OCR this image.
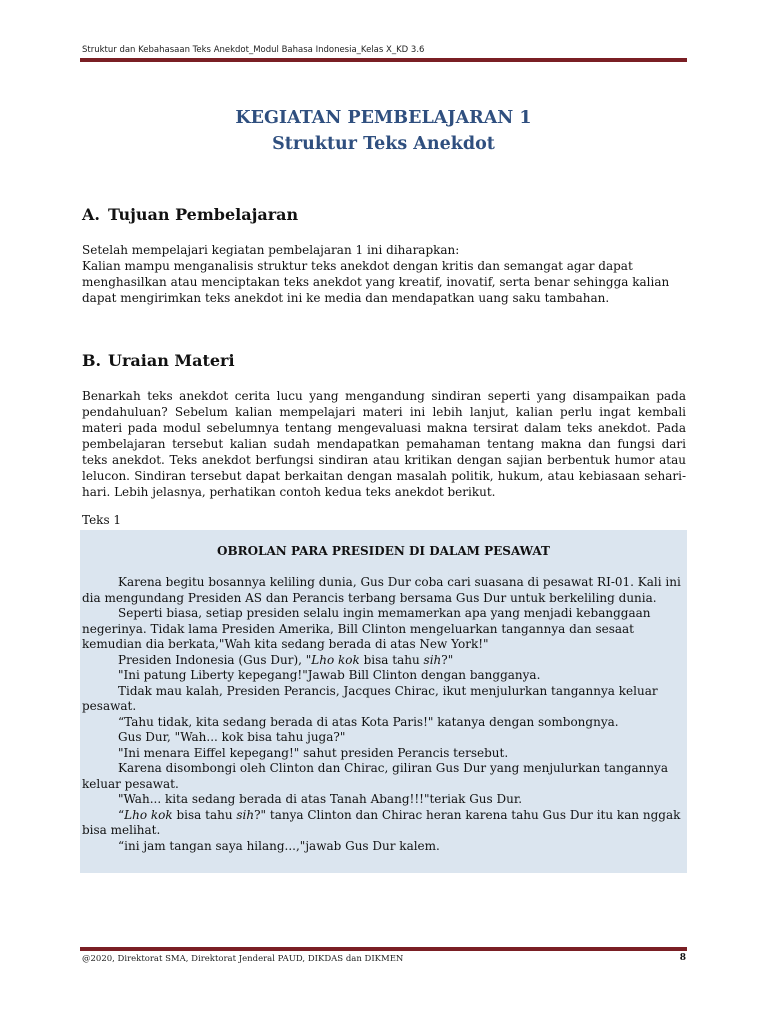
Struktur dan Kebahasaan Teks Anekdot_Modul Bahasa Indonesia_Kelas X_KD 3.6
KEGIATAN PEMBELAJARAN 1
Struktur Teks Anekdot
A. Tujuan Pembelajaran

Setelah mempelajari kegiatan pembelajaran 1 ini diharapkan:

Kalian mampu menganalisis struktur teks anekdot dengan kritis dan semangat agar dapat menghasilkan atau menciptakan teks anekdot yang kreatif, inovatif, serta benar sehingga kalian dapat mengirimkan teks anekdot ini ke media dan mendapatkan uang saku tambahan.

B. Uraian Materi

Benarkah teks anekdot cerita lucu yang mengandung sindiran seperti yang disampaikan pada pendahuluan? Sebelum kalian mempelajari materi ini lebih lanjut, kalian perlu ingat kembali materi pada modul sebelumnya tentang mengevaluasi makna tersirat dalam teks anekdot. Pada pembelajaran tersebut kalian sudah mendapatkan pemahaman tentang makna dan fungsi dari teks anekdot. Teks anekdot berfungsi sindiran atau kritikan dengan sajian berbentuk humor atau lelucon. Sindiran tersebut dapat berkaitan dengan masalah politik, hukum, atau kebiasaan sehari-hari. Lebih jelasnya, perhatikan contoh kedua teks anekdot berikut.

Teks 1
OBROLAN PARA PRESIDEN DI DALAM PESAWAT
Karena begitu bosannya keliling dunia, Gus Dur coba cari suasana di pesawat RI-01. Kali ini dia mengundang Presiden AS dan Perancis terbang bersama Gus Dur untuk berkeliling dunia.
Seperti biasa, setiap presiden selalu ingin memamerkan apa yang menjadi kebanggaan negerinya. Tidak lama Presiden Amerika, Bill Clinton mengeluarkan tangannya dan sesaat kemudian dia berkata,"Wah kita sedang berada di atas New York!"
Presiden Indonesia (Gus Dur), "Lho kok bisa tahu sih?"
"Ini patung Liberty kepegang!"Jawab Bill Clinton dengan bangganya.
Tidak mau kalah, Presiden Perancis, Jacques Chirac, ikut menjulurkan tangannya keluar pesawat.
“Tahu tidak, kita sedang berada di atas Kota Paris!" katanya dengan sombongnya.
Gus Dur, "Wah... kok bisa tahu juga?"
"Ini menara Eiffel kepegang!" sahut presiden Perancis tersebut.
Karena disombongi oleh Clinton dan Chirac, giliran Gus Dur yang menjulurkan tangannya keluar pesawat.
"Wah... kita sedang berada di atas Tanah Abang!!!"teriak Gus Dur.
“Lho kok bisa tahu sih?" tanya Clinton dan Chirac heran karena tahu Gus Dur itu kan nggak bisa melihat.
“ini jam tangan saya hilang...,"jawab Gus Dur kalem.
@2020, Direktorat SMA, Direktorat Jenderal PAUD, DIKDAS dan DIKMEN	8
